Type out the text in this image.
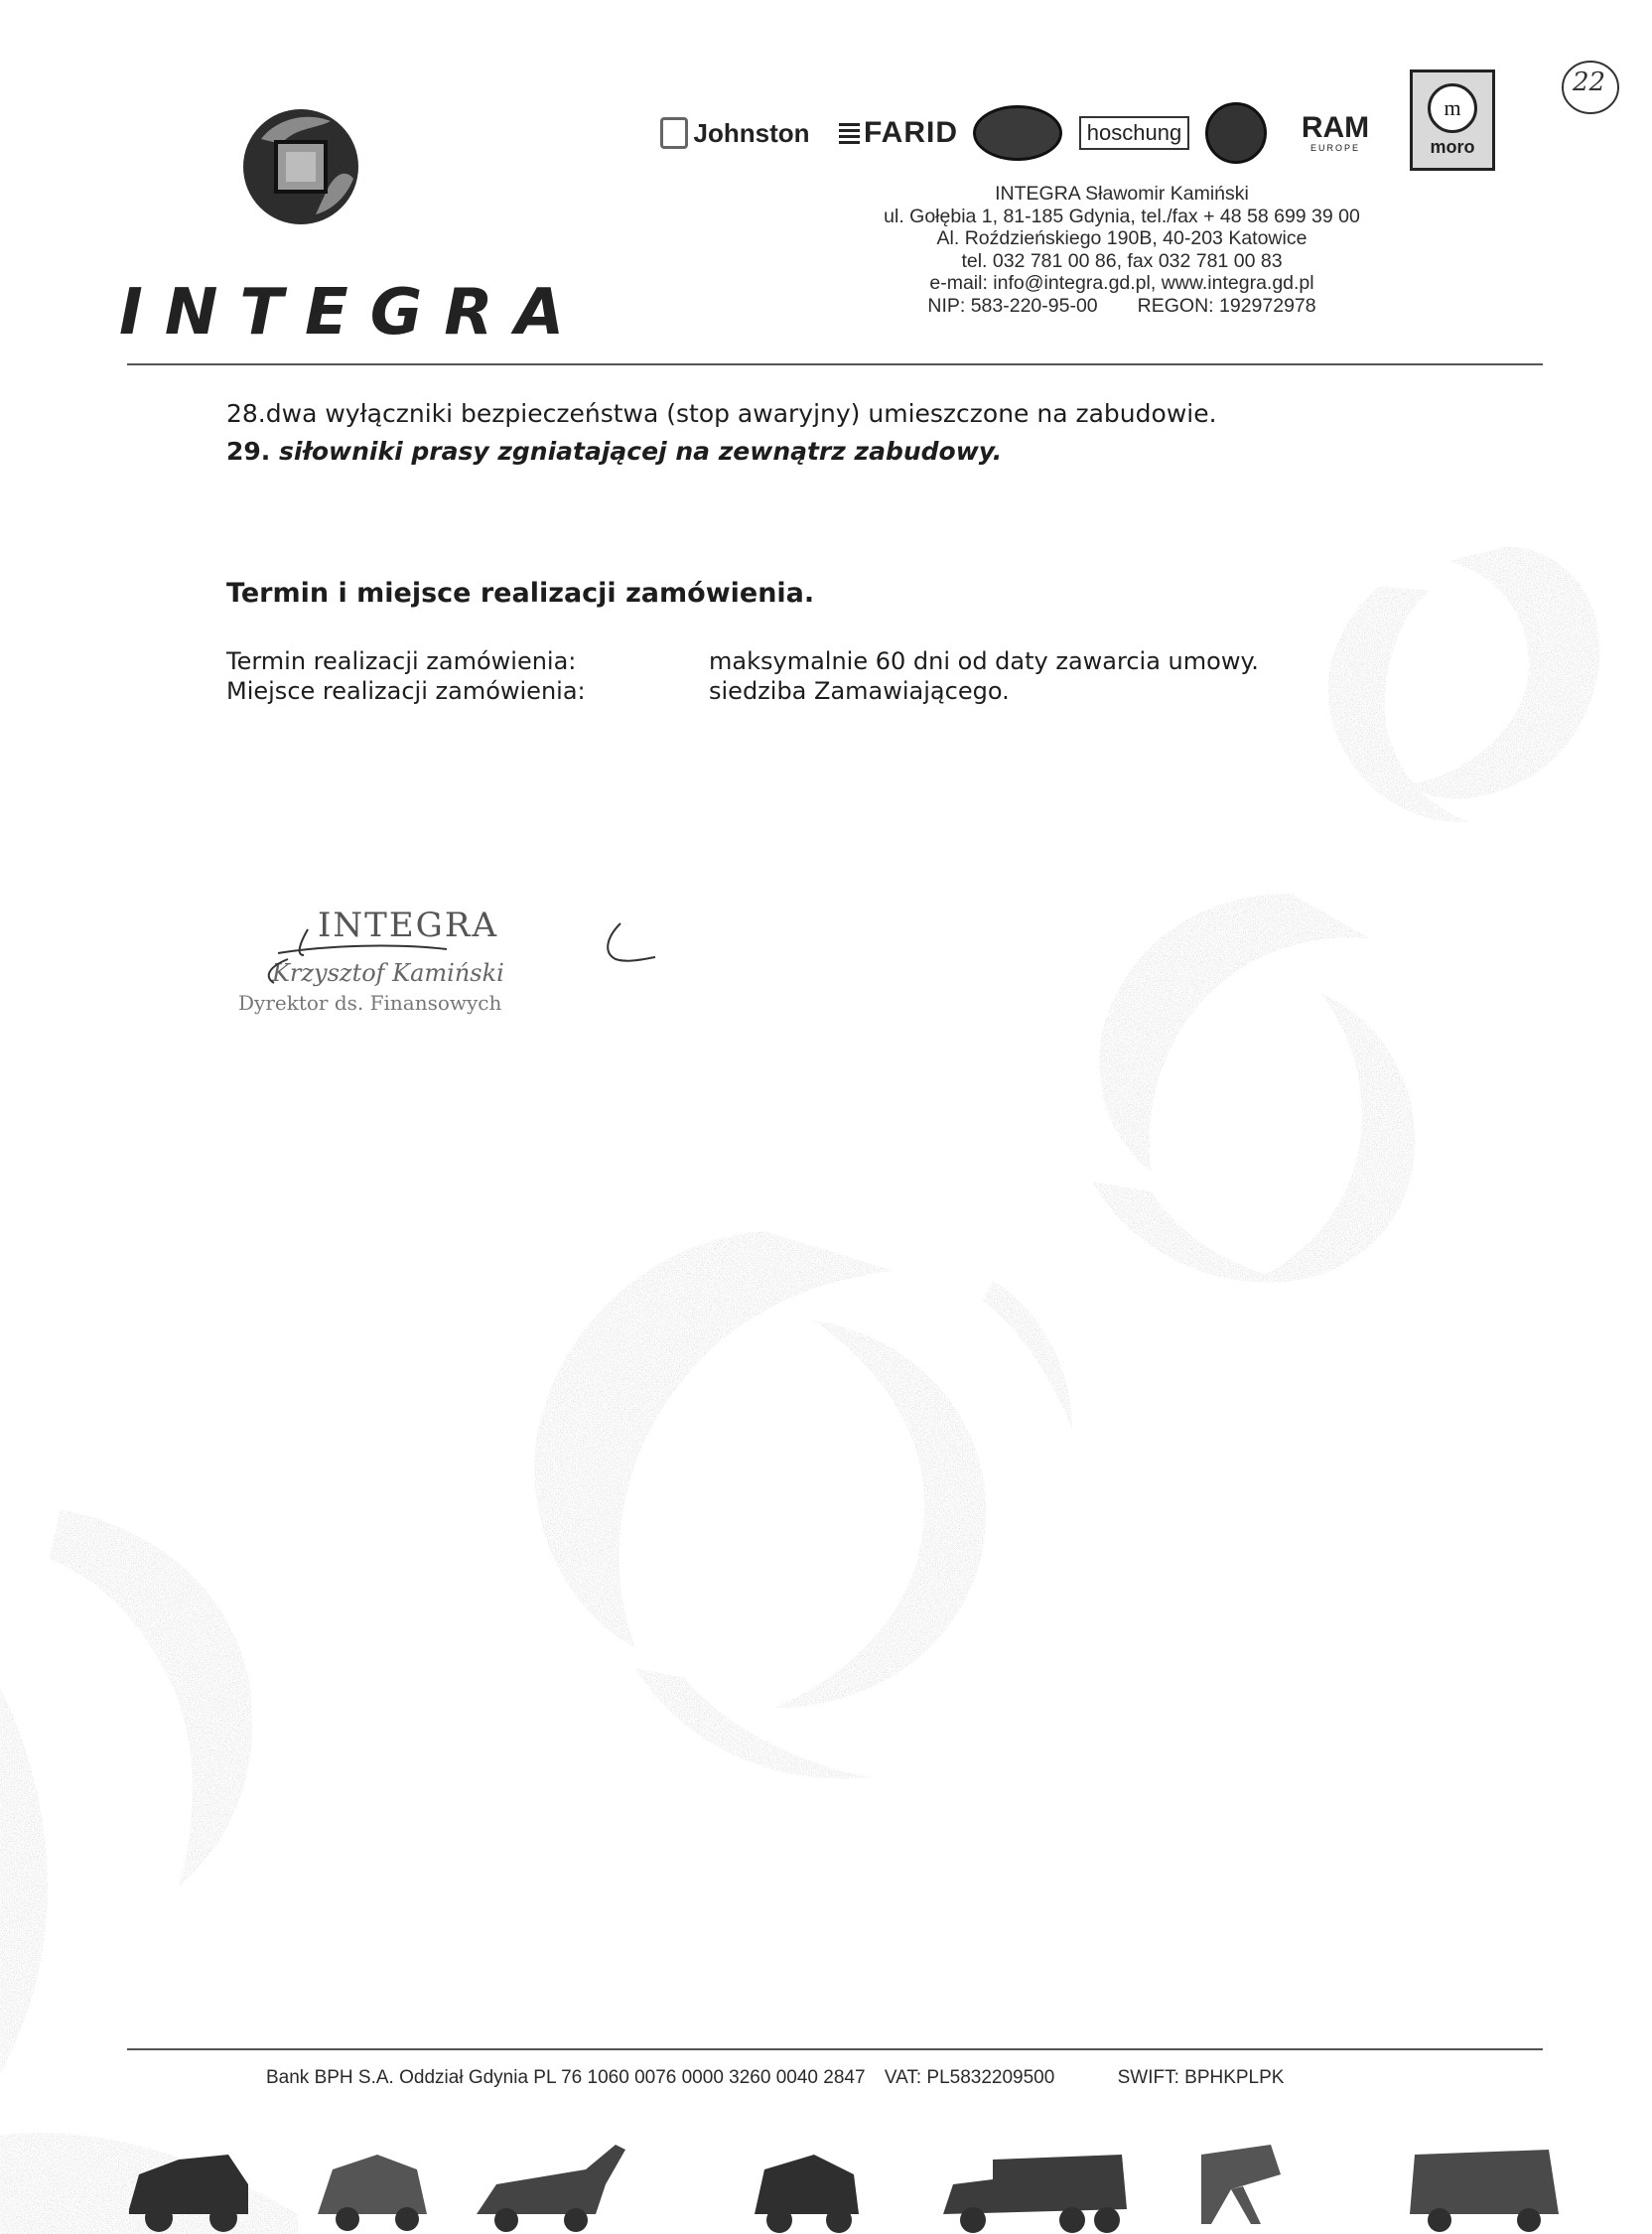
INTEGRA
Johnston FARID	hoschung	RAM
EUROPE
m
moro
22
INTEGRA Sławomir Kamiński
ul. Gołębia 1, 81-185 Gdynia, tel./fax + 48 58 699 39 00
Al. Roździeńskiego 190B, 40-203 Katowice
tel. 032 781 00 86, fax 032 781 00 83
e-mail: info@integra.gd.pl, www.integra.gd.pl
NIP: 583-220-95-00 REGON: 192972978
28.dwa wyłączniki bezpieczeństwa (stop awaryjny) umieszczone na zabudowie.
29. siłowniki prasy zgniatającej na zewnątrz zabudowy.
Termin i miejsce realizacji zamówienia.
Termin realizacji zamówienia:	maksymalnie 60 dni od daty zawarcia umowy.
Miejsce realizacji zamówienia:	siedziba Zamawiającego.
INTEGRA
Krzysztof Kamiński
Dyrektor ds. Finansowych
Bank BPH S.A. Oddział Gdynia PL 76 1060 0076 0000 3260 0040 2847 VAT: PL5832209500	SWIFT: BPHKPLPK
